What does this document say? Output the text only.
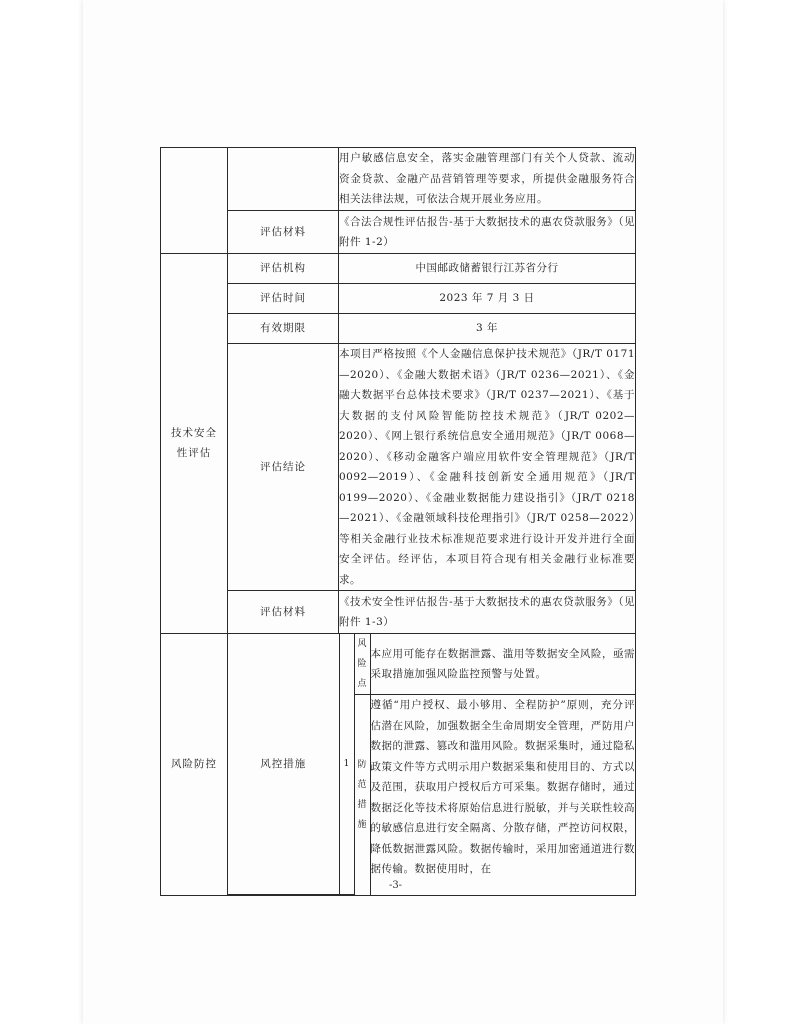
		用户敏感信息安全，落实金融管理部门有关个人贷款、流动资金贷款、金融产品营销管理等要求，所提供金融服务符合相关法律法规，可依法合规开展业务应用。
评估材料	《合法合规性评估报告-基于大数据技术的惠农贷款服务》（见附件 1-2）
技术安全性评估	评估机构	中国邮政储蓄银行江苏省分行
评估时间	2023 年 7 月 3 日
有效期限	3 年
评估结论	本项目严格按照《个人金融信息保护技术规范》（JR/T 0171—2020）、《金融大数据术语》（JR/T 0236—2021）、《金融大数据平台总体技术要求》（JR/T 0237—2021）、《基于大数据的支付风险智能防控技术规范》（JR/T 0202—2020）、《网上银行系统信息安全通用规范》（JR/T 0068—2020）、《移动金融客户端应用软件安全管理规范》（JR/T 0092—2019）、《金融科技创新安全通用规范》（JR/T 0199—2020）、《金融业数据能力建设指引》（JR/T 0218—2021）、《金融领域科技伦理指引》（JR/T 0258—2022）等相关金融行业技术标准规范要求进行设计开发并进行全面安全评估。经评估，本项目符合现有相关金融行业标准要求。
评估材料	《技术安全性评估报告-基于大数据技术的惠农贷款服务》（见附件 1-3）
风险防控		风控措施	1	风险点	本应用可能存在数据泄露、滥用等数据安全风险，亟需采取措施加强风险监控预警与处置。
防范措施	遵循“用户授权、最小够用、全程防护”原则，充分评估潜在风险，加强数据全生命周期安全管理，严防用户数据的泄露、篡改和滥用风险。数据采集时，通过隐私政策文件等方式明示用户数据采集和使用目的、方式以及范围，获取用户授权后方可采集。数据存储时，通过数据泛化等技术将原始信息进行脱敏，并与关联性较高的敏感信息进行安全隔离、分散存储，严控访问权限，降低数据泄露风险。数据传输时，采用加密通道进行数据传输。数据使用时，在
-3-
